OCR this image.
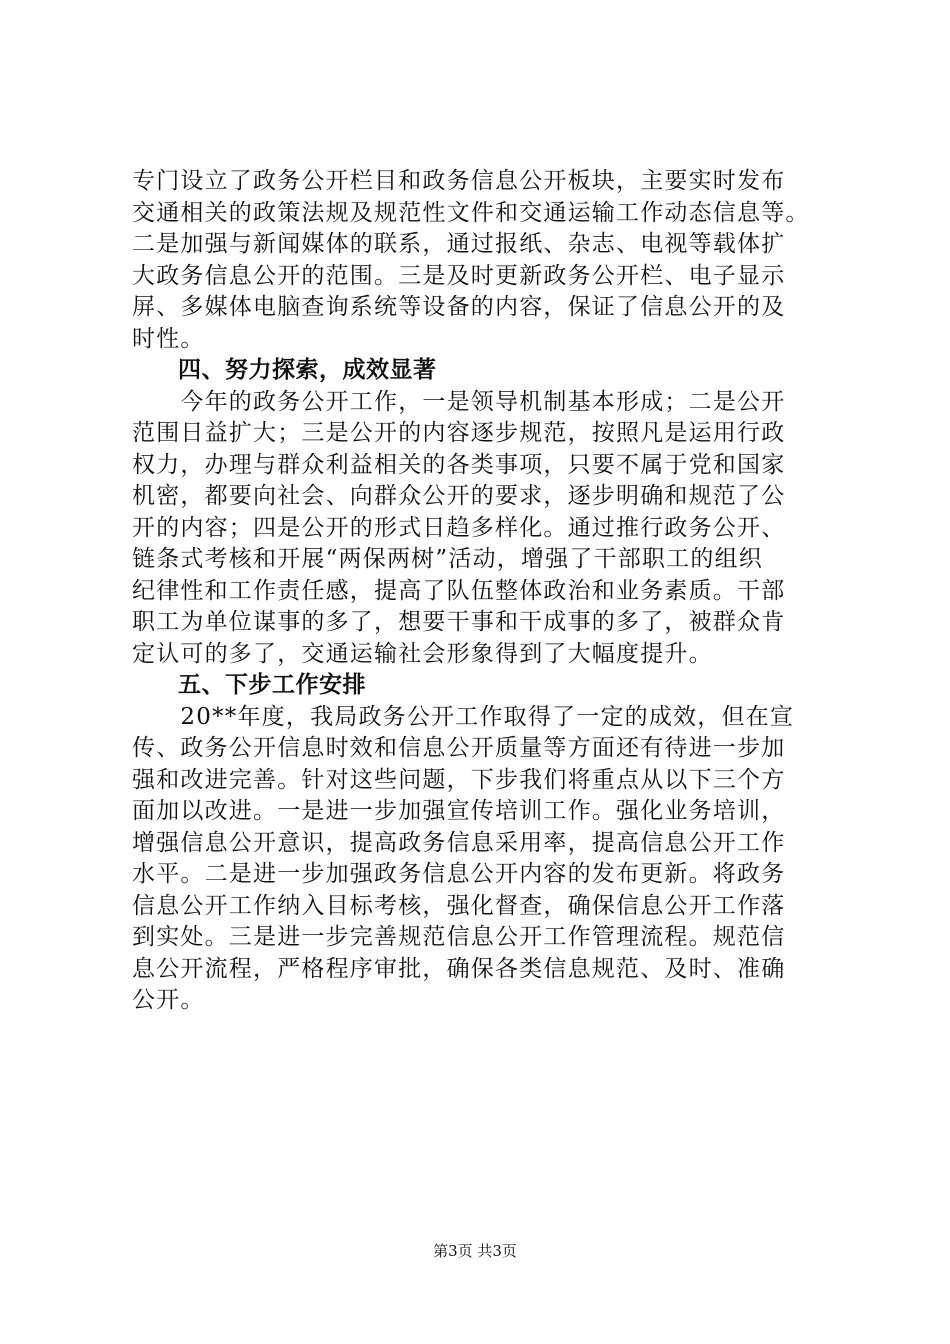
专门设立了政务公开栏目和政务信息公开板块，主要实时发布
交通相关的政策法规及规范性文件和交通运输工作动态信息等。
二是加强与新闻媒体的联系，通过报纸、杂志、电视等载体扩
大政务信息公开的范围。三是及时更新政务公开栏、电子显示
屏、多媒体电脑查询系统等设备的内容，保证了信息公开的及
时性。
四、努力探索，成效显著
　　今年的政务公开工作，一是领导机制基本形成；二是公开
范围日益扩大；三是公开的内容逐步规范，按照凡是运用行政
权力，办理与群众利益相关的各类事项，只要不属于党和国家
机密，都要向社会、向群众公开的要求，逐步明确和规范了公
开的内容；四是公开的形式日趋多样化。通过推行政务公开、
链条式考核和开展“两保两树”活动，增强了干部职工的组织
纪律性和工作责任感，提高了队伍整体政治和业务素质。干部
职工为单位谋事的多了，想要干事和干成事的多了，被群众肯
定认可的多了，交通运输社会形象得到了大幅度提升。
五、下步工作安排
　　20**年度，我局政务公开工作取得了一定的成效，但在宣
传、政务公开信息时效和信息公开质量等方面还有待进一步加
强和改进完善。针对这些问题，下步我们将重点从以下三个方
面加以改进。一是进一步加强宣传培训工作。强化业务培训，
增强信息公开意识，提高政务信息采用率，提高信息公开工作
水平。二是进一步加强政务信息公开内容的发布更新。将政务
信息公开工作纳入目标考核，强化督查，确保信息公开工作落
到实处。三是进一步完善规范信息公开工作管理流程。规范信
息公开流程，严格程序审批，确保各类信息规范、及时、准确
公开。
第3页 共3页
